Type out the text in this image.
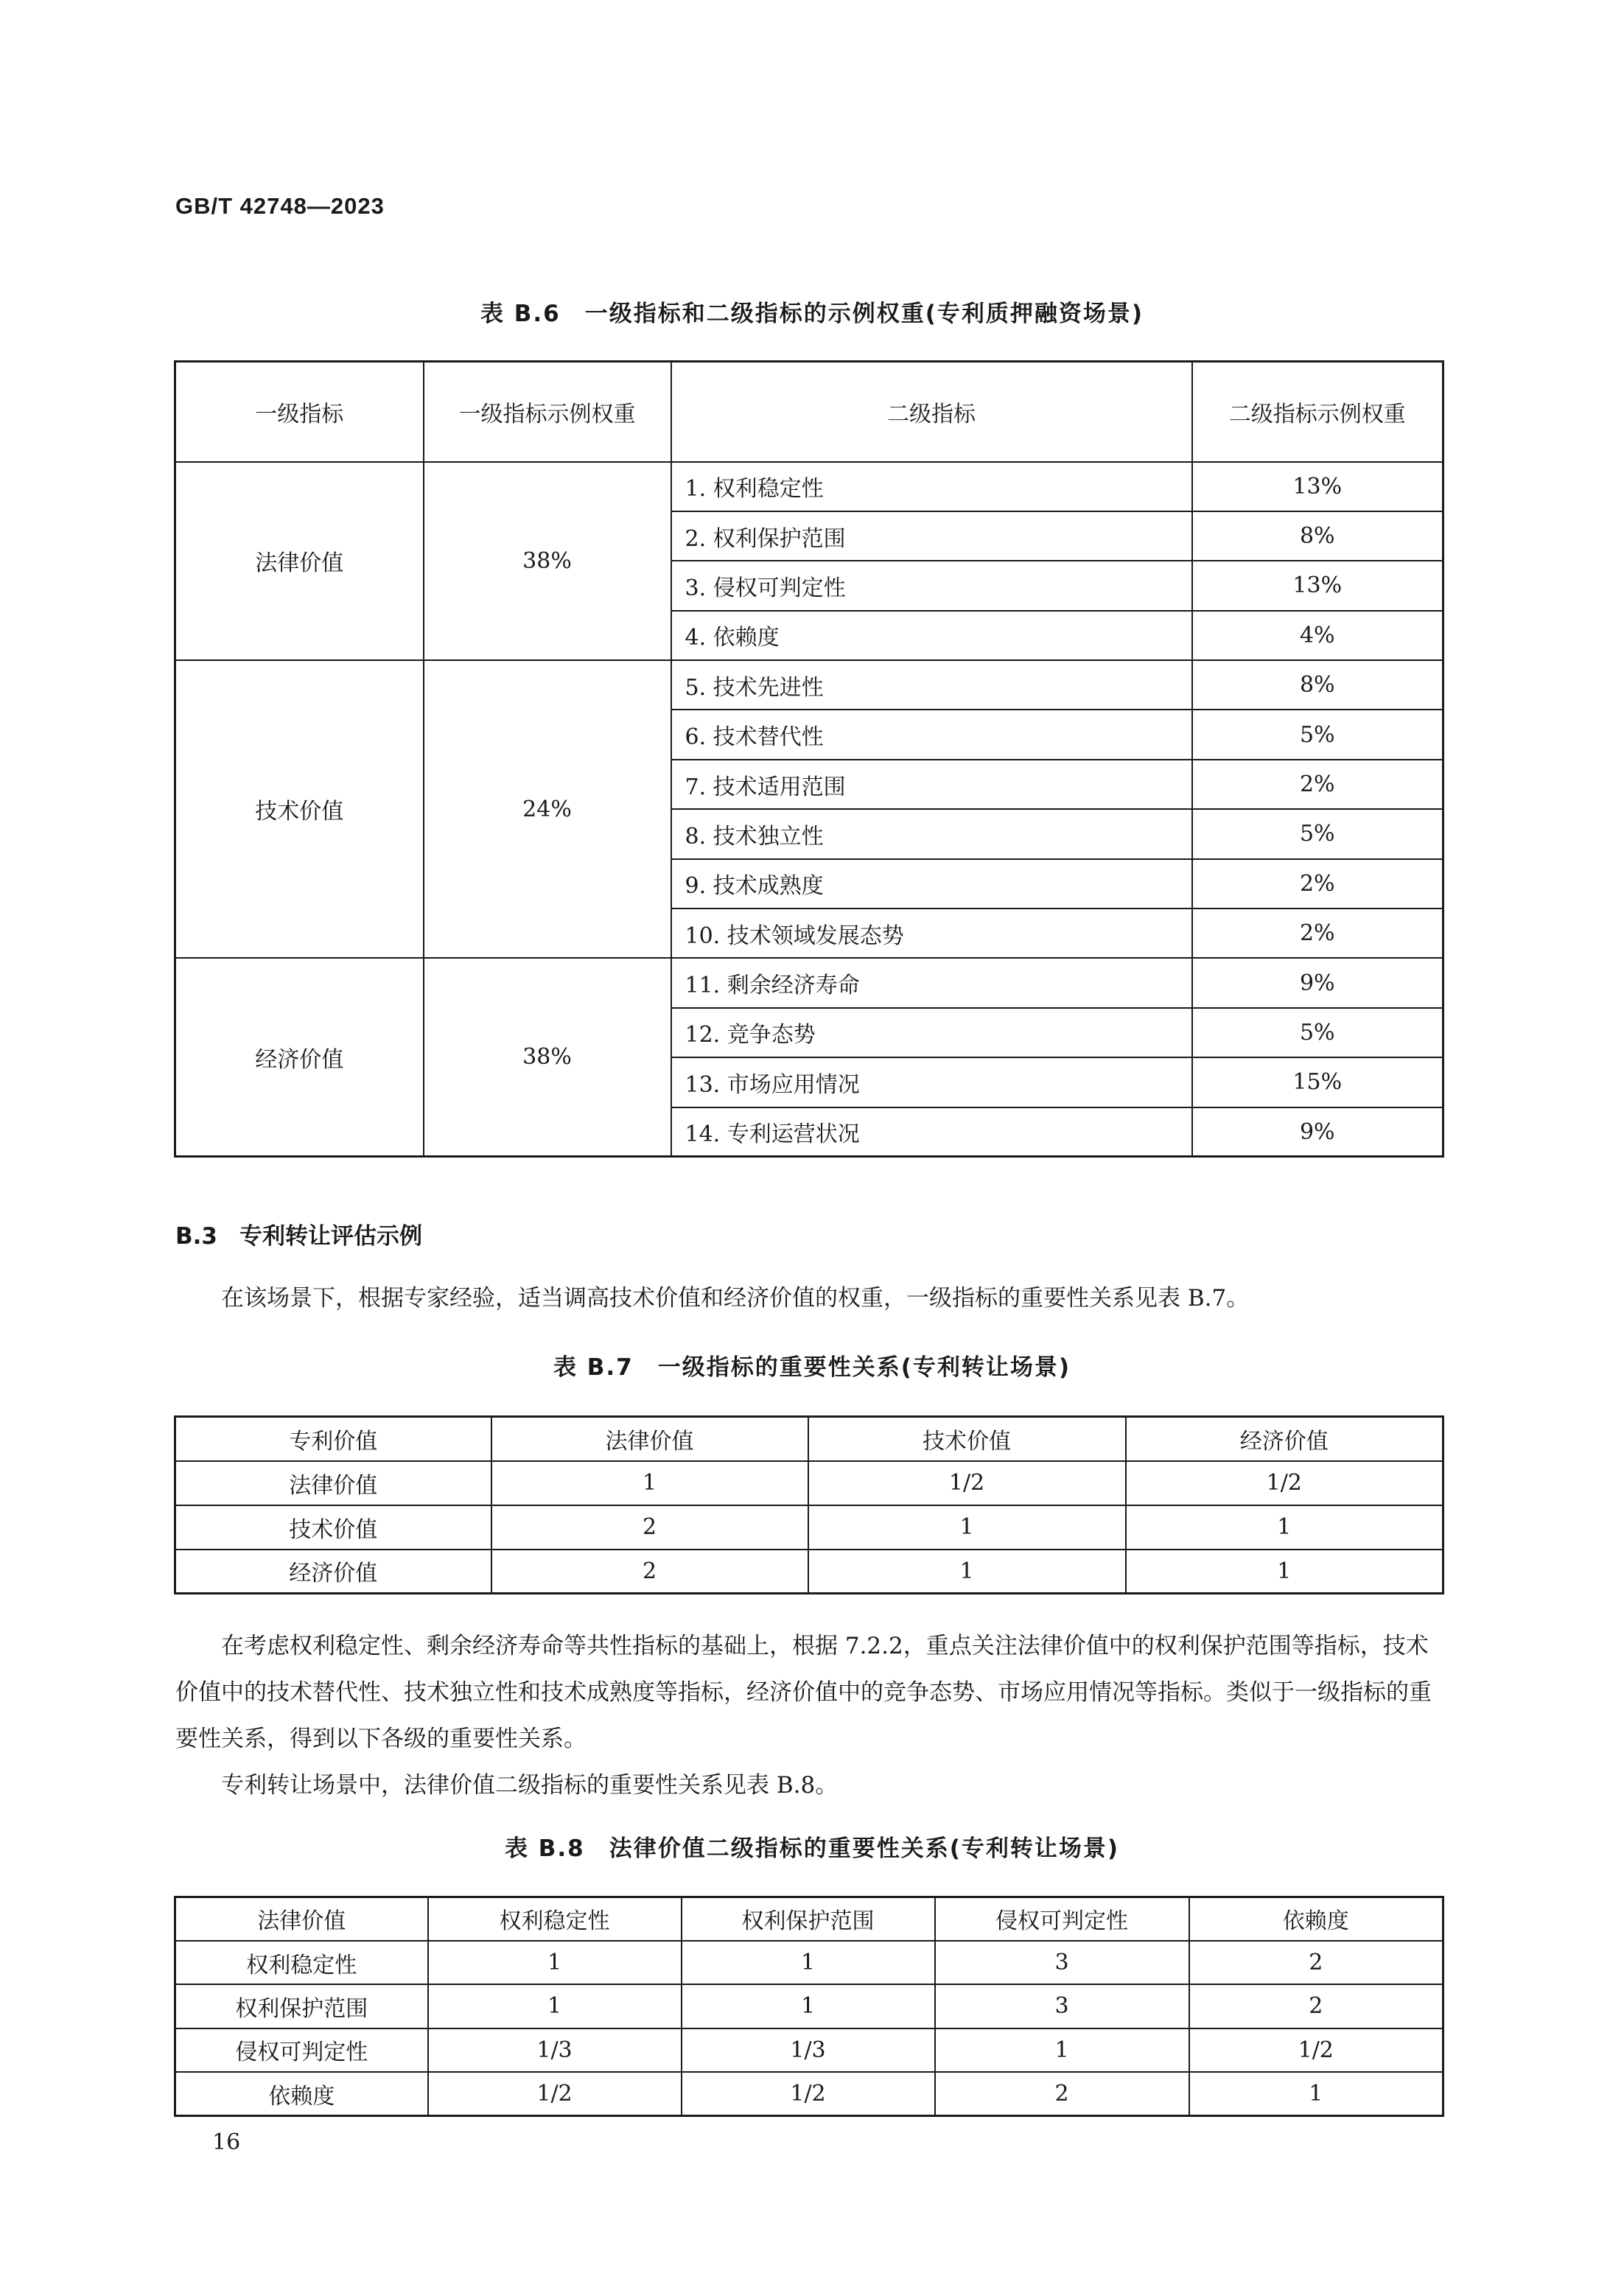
GB/T 42748—2023
表 B.6　一级指标和二级指标的示例权重(专利质押融资场景)
一级指标	一级指标示例权重	二级指标	二级指标示例权重
法律价值	38%	1. 权利稳定性	13%
		2. 权利保护范围	8%
		3. 侵权可判定性	13%
		4. 依赖度	4%
技术价值	24%	5. 技术先进性	8%
		6. 技术替代性	5%
		7. 技术适用范围	2%
		8. 技术独立性	5%
		9. 技术成熟度	2%
		10. 技术领域发展态势	2%
经济价值	38%	11. 剩余经济寿命	9%
		12. 竞争态势	5%
		13. 市场应用情况	15%
		14. 专利运营状况	9%
B.3 专利转让评估示例

在该场景下，根据专家经验，适当调高技术价值和经济价值的权重，一级指标的重要性关系见表 B.7。

表 B.7　一级指标的重要性关系(专利转让场景)
专利价值	法律价值	技术价值	经济价值
法律价值	1	1/2	1/2
技术价值	2	1	1
经济价值	2	1	1

在考虑权利稳定性、剩余经济寿命等共性指标的基础上，根据 7.2.2，重点关注法律价值中的权利保护范围等指标，技术价值中的技术替代性、技术独立性和技术成熟度等指标，经济价值中的竞争态势、市场应用情况等指标。类似于一级指标的重要性关系，得到以下各级的重要性关系。

专利转让场景中，法律价值二级指标的重要性关系见表 B.8。

表 B.8　法律价值二级指标的重要性关系(专利转让场景)
法律价值	权利稳定性	权利保护范围	侵权可判定性	依赖度
权利稳定性	1	1	3	2
权利保护范围	1	1	3	2
侵权可判定性	1/3	1/3	1	1/2
依赖度	1/2	1/2	2	1
16
